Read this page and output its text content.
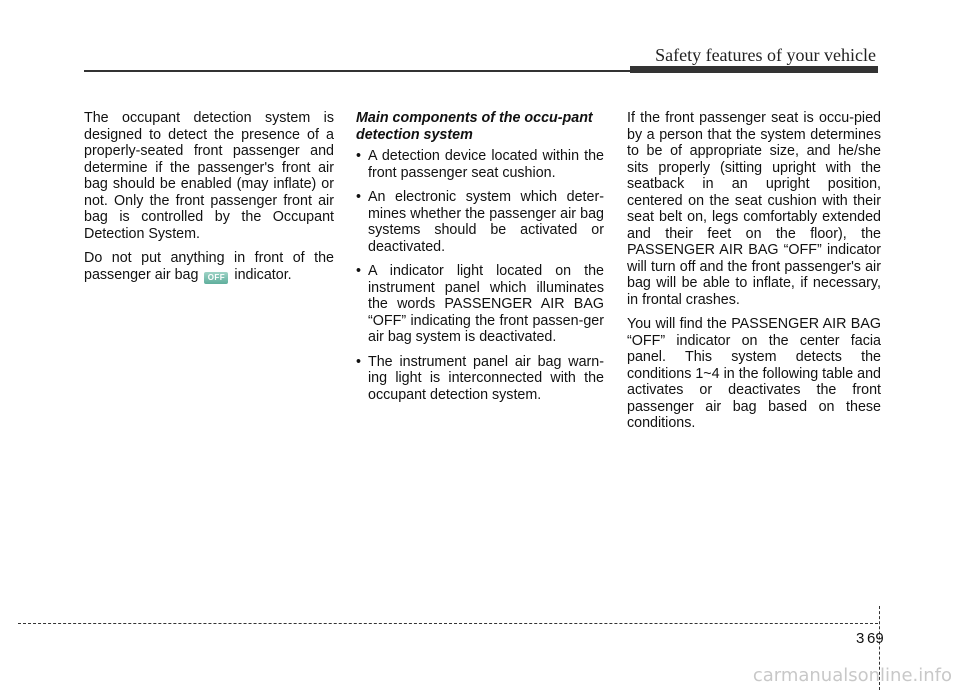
Safety features of your vehicle

The occupant detection system is designed to detect the presence of a properly-seated front passenger and determine if the passenger's front air bag should be enabled (may inflate) or not. Only the front passenger front air bag is controlled by the Occupant Detection System.

Do not put anything in front of the passenger air bag OFF indicator.

Main components of the occu-pant detection system
• A detection device located within the front passenger seat cushion.
• An electronic system which deter-mines whether the passenger air bag systems should be activated or deactivated.
• A indicator light located on the instrument panel which illuminates the words PASSENGER AIR BAG “OFF” indicating the front passen-ger air bag system is deactivated.
• The instrument panel air bag warn-ing light is interconnected with the occupant detection system.

If the front passenger seat is occu-pied by a person that the system determines to be of appropriate size, and he/she sits properly (sitting upright with the seatback in an upright position, centered on the seat cushion with their seat belt on, legs comfortably extended and their feet on the floor), the PASSENGER AIR BAG “OFF” indicator will turn off and the front passenger's air bag will be able to inflate, if necessary, in frontal crashes.

You will find the PASSENGER AIR BAG “OFF” indicator on the center facia panel. This system detects the conditions 1~4 in the following table and activates or deactivates the front passenger air bag based on these conditions.

3 69
carmanualsonline.info
